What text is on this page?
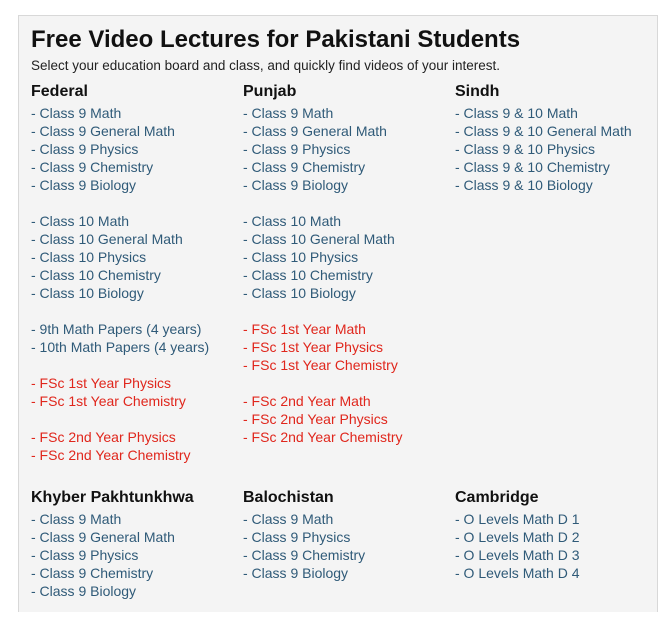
Free Video Lectures for Pakistani Students
Select your education board and class, and quickly find videos of your interest.
Federal
- Class 9 Math
- Class 9 General Math
- Class 9 Physics
- Class 9 Chemistry
- Class 9 Biology
- Class 10 Math
- Class 10 General Math
- Class 10 Physics
- Class 10 Chemistry
- Class 10 Biology
- 9th Math Papers (4 years)
- 10th Math Papers (4 years)
- FSc 1st Year Physics
- FSc 1st Year Chemistry
- FSc 2nd Year Physics
- FSc 2nd Year Chemistry
Punjab
- Class 9 Math
- Class 9 General Math
- Class 9 Physics
- Class 9 Chemistry
- Class 9 Biology
- Class 10 Math
- Class 10 General Math
- Class 10 Physics
- Class 10 Chemistry
- Class 10 Biology
- FSc 1st Year Math
- FSc 1st Year Physics
- FSc 1st Year Chemistry
- FSc 2nd Year Math
- FSc 2nd Year Physics
- FSc 2nd Year Chemistry
Sindh
- Class 9 & 10 Math
- Class 9 & 10 General Math
- Class 9 & 10 Physics
- Class 9 & 10 Chemistry
- Class 9 & 10 Biology
Khyber Pakhtunkhwa
- Class 9 Math
- Class 9 General Math
- Class 9 Physics
- Class 9 Chemistry
- Class 9 Biology
Balochistan
- Class 9 Math
- Class 9 Physics
- Class 9 Chemistry
- Class 9 Biology
Cambridge
- O Levels Math D 1
- O Levels Math D 2
- O Levels Math D 3
- O Levels Math D 4
